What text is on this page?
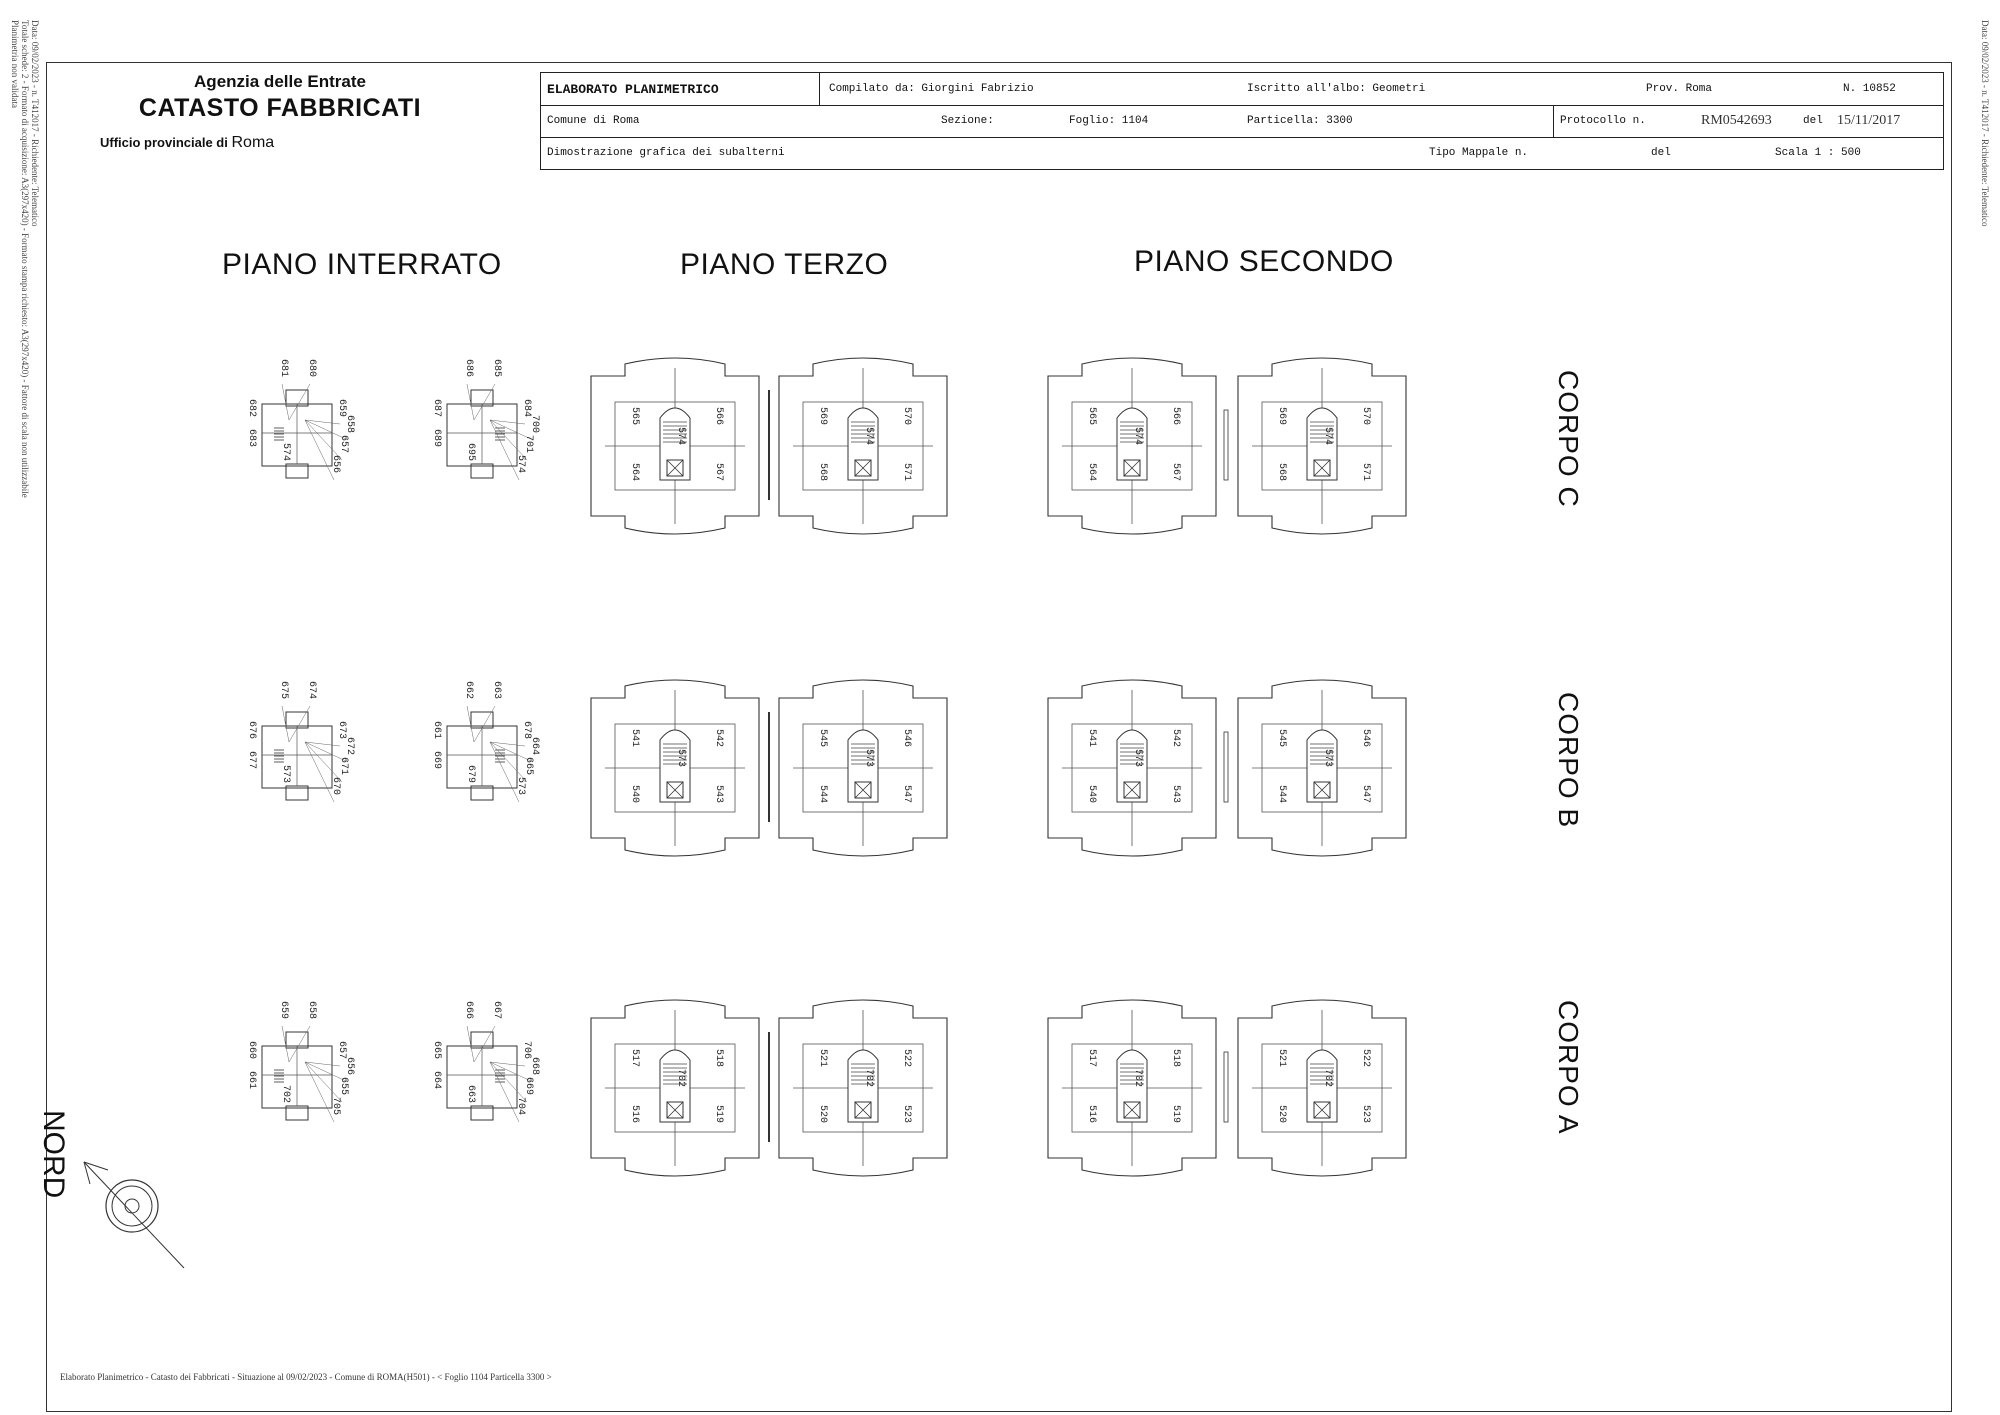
Data: 09/02/2023 - n. T412017 - Richiedente: Telematico
Totale schede: 2 - Formato di acquisizione: A3(297x420) - Formato stampa richiesto: A3(297x420) - Fattore di scala non utilizzabile
Planimetria non validata	Data: 09/02/2023 - n. T412017 - Richiedente: Telematico
Agenzia delle Entrate
CATASTO FABBRICATI
Ufficio provinciale di Roma
ELABORATO PLANIMETRICO	Compilato da: Giorgini Fabrizio	Iscritto all'albo: Geometri	Prov. Roma	N. 10852
Comune di Roma	Sezione:	Foglio: 1104	Particella: 3300	Protocollo n.	RM0542693	del 15/11/2017
Dimostrazione grafica dei subalterni	Tipo Mappale n.	del	Scala 1 : 500
PIANO INTERRATO	PIANO TERZO	PIANO SECONDO
CORPO C
CORPO B
CORPO A
681 680
682
683
574
659
658
657
656
686 685
687
689
695
684
700
701
574
565
564
574
566
567
569
568
574
570
571
565
564
574
566
567
569
568
574
570
571
675 674
676
677
573
673
672
671
670
662 663
661
669
679
678
664
665
573
541
540
573
542
543
545
544
573
546
547
541
540
573
542
543
545
544
573
546
547
659 658
660
661
702
657
656
655
705
666 667
665
664
663
706
668
669
704
517
516
702
518
519
521
520
702
522
523
517
516
702
518
519
521
520
702
522
523
NORD
Elaborato Planimetrico - Catasto dei Fabbricati - Situazione al 09/02/2023 - Comune di ROMA(H501) - < Foglio 1104 Particella 3300 >
